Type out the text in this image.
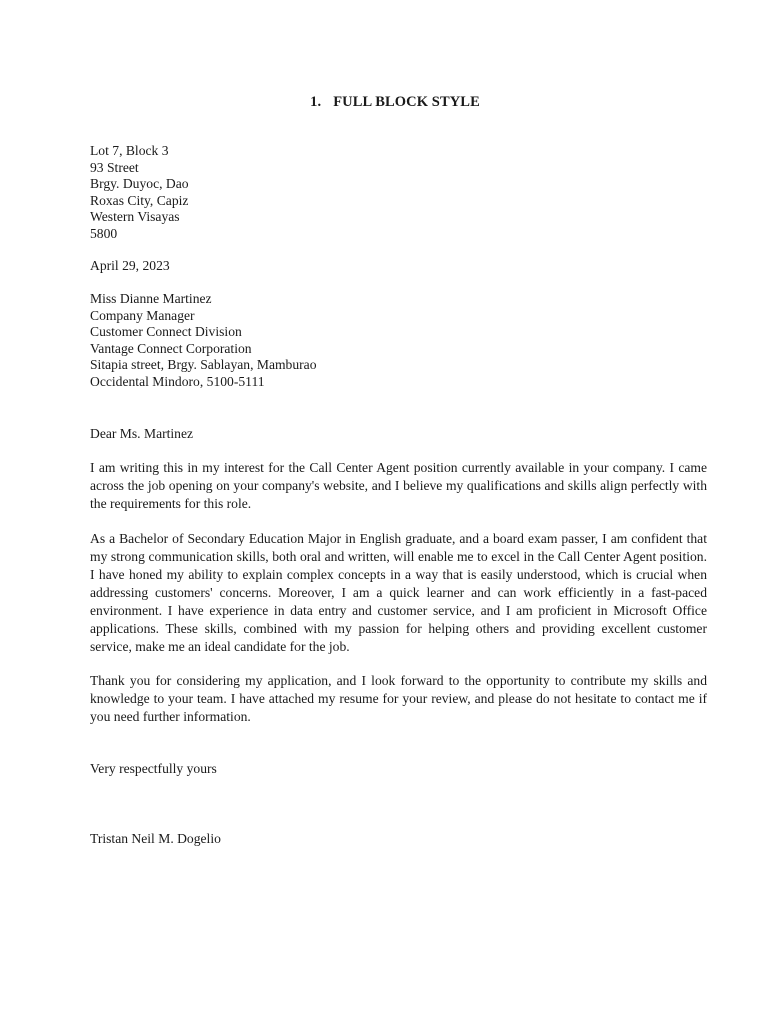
1. FULL BLOCK STYLE
Lot 7, Block 3
93 Street
Brgy. Duyoc, Dao
Roxas City, Capiz
Western Visayas
5800
April 29, 2023
Miss Dianne Martinez
Company Manager
Customer Connect Division
Vantage Connect Corporation
Sitapia street, Brgy. Sablayan, Mamburao
Occidental Mindoro, 5100-5111
Dear Ms. Martinez
I am writing this in my interest for the Call Center Agent position currently available in your company. I came across the job opening on your company's website, and I believe my qualifications and skills align perfectly with the requirements for this role.
As a Bachelor of Secondary Education Major in English graduate, and a board exam passer, I am confident that my strong communication skills, both oral and written, will enable me to excel in the Call Center Agent position. I have honed my ability to explain complex concepts in a way that is easily understood, which is crucial when addressing customers' concerns. Moreover, I am a quick learner and can work efficiently in a fast-paced environment. I have experience in data entry and customer service, and I am proficient in Microsoft Office applications. These skills, combined with my passion for helping others and providing excellent customer service, make me an ideal candidate for the job.
Thank you for considering my application, and I look forward to the opportunity to contribute my skills and knowledge to your team. I have attached my resume for your review, and please do not hesitate to contact me if you need further information.
Very respectfully yours
Tristan Neil M. Dogelio
